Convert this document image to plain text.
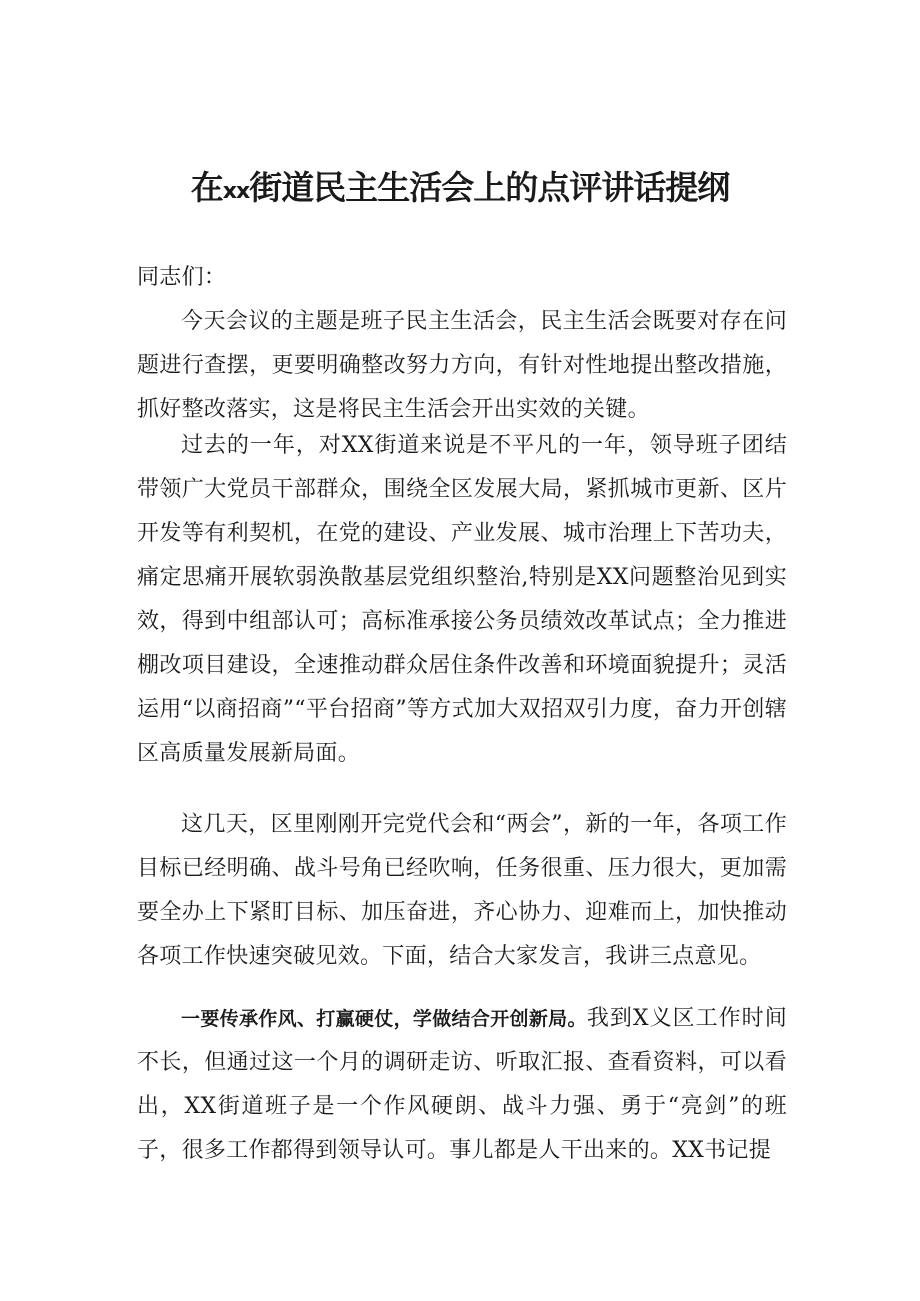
在xx街道民主生活会上的点评讲话提纲
同志们：

今天会议的主题是班子民主生活会，民主生活会既要对存在问题进行查摆，更要明确整改努力方向，有针对性地提出整改措施，抓好整改落实，这是将民主生活会开出实效的关键。

过去的一年，对XX街道来说是不平凡的一年，领导班子团结带领广大党员干部群众，围绕全区发展大局，紧抓城市更新、区片开发等有利契机，在党的建设、产业发展、城市治理上下苦功夫，痛定思痛开展软弱涣散基层党组织整治,特别是XX问题整治见到实效，得到中组部认可；高标准承接公务员绩效改革试点；全力推进棚改项目建设，全速推动群众居住条件改善和环境面貌提升；灵活运用“以商招商”“平台招商”等方式加大双招双引力度，奋力开创辖区高质量发展新局面。

这几天，区里刚刚开完党代会和“两会”，新的一年，各项工作目标已经明确、战斗号角已经吹响，任务很重、压力很大，更加需要全办上下紧盯目标、加压奋进，齐心协力、迎难而上，加快推动各项工作快速突破见效。下面，结合大家发言，我讲三点意见。

一要传承作风、打赢硬仗，学做结合开创新局。我到X义区工作时间不长，但通过这一个月的调研走访、听取汇报、查看资料，可以看出，XX街道班子是一个作风硬朗、战斗力强、勇于“亮剑”的班子，很多工作都得到领导认可。事儿都是人干出来的。XX书记提
